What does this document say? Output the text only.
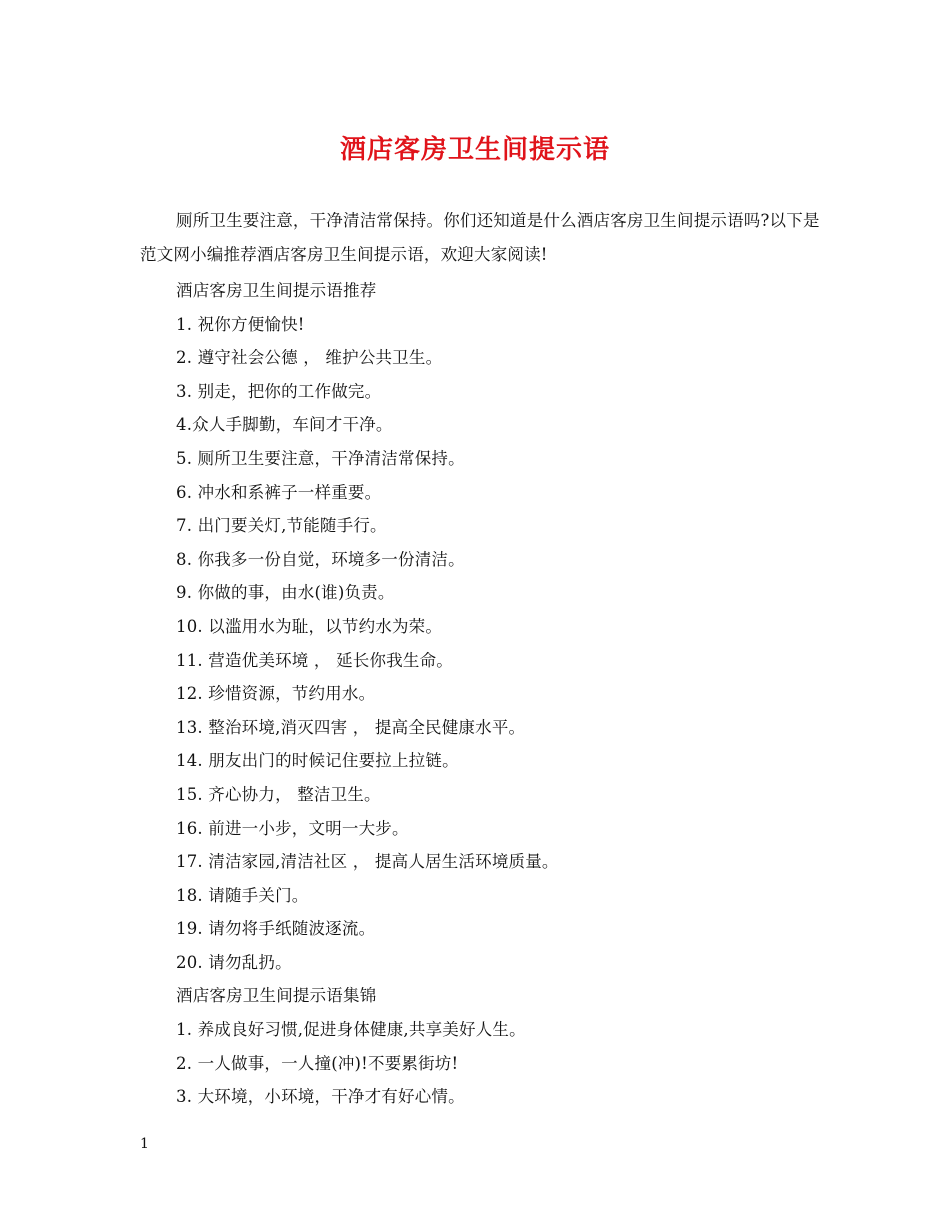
酒店客房卫生间提示语
厕所卫生要注意，干净清洁常保持。你们还知道是什么酒店客房卫生间提示语吗?以下是范文网小编推荐酒店客房卫生间提示语，欢迎大家阅读!
酒店客房卫生间提示语推荐
1. 祝你方便愉快!
2. 遵守社会公德 ， 维护公共卫生。
3. 别走，把你的工作做完。
4.众人手脚勤，车间才干净。
5. 厕所卫生要注意，干净清洁常保持。
6. 冲水和系裤子一样重要。
7. 出门要关灯,节能随手行。
8. 你我多一份自觉，环境多一份清洁。
9. 你做的事，由水(谁)负责。
10. 以滥用水为耻，以节约水为荣。
11. 营造优美环境 ， 延长你我生命。
12. 珍惜资源，节约用水。
13. 整治环境,消灭四害 ， 提高全民健康水平。
14. 朋友出门的时候记住要拉上拉链。
15. 齐心协力， 整洁卫生。
16. 前进一小步，文明一大步。
17. 清洁家园,清洁社区 ， 提高人居生活环境质量。
18. 请随手关门。
19. 请勿将手纸随波逐流。
20. 请勿乱扔。
酒店客房卫生间提示语集锦
1. 养成良好习惯,促进身体健康,共享美好人生。
2. 一人做事，一人撞(冲)!不要累街坊!
3. 大环境，小环境，干净才有好心情。
1
